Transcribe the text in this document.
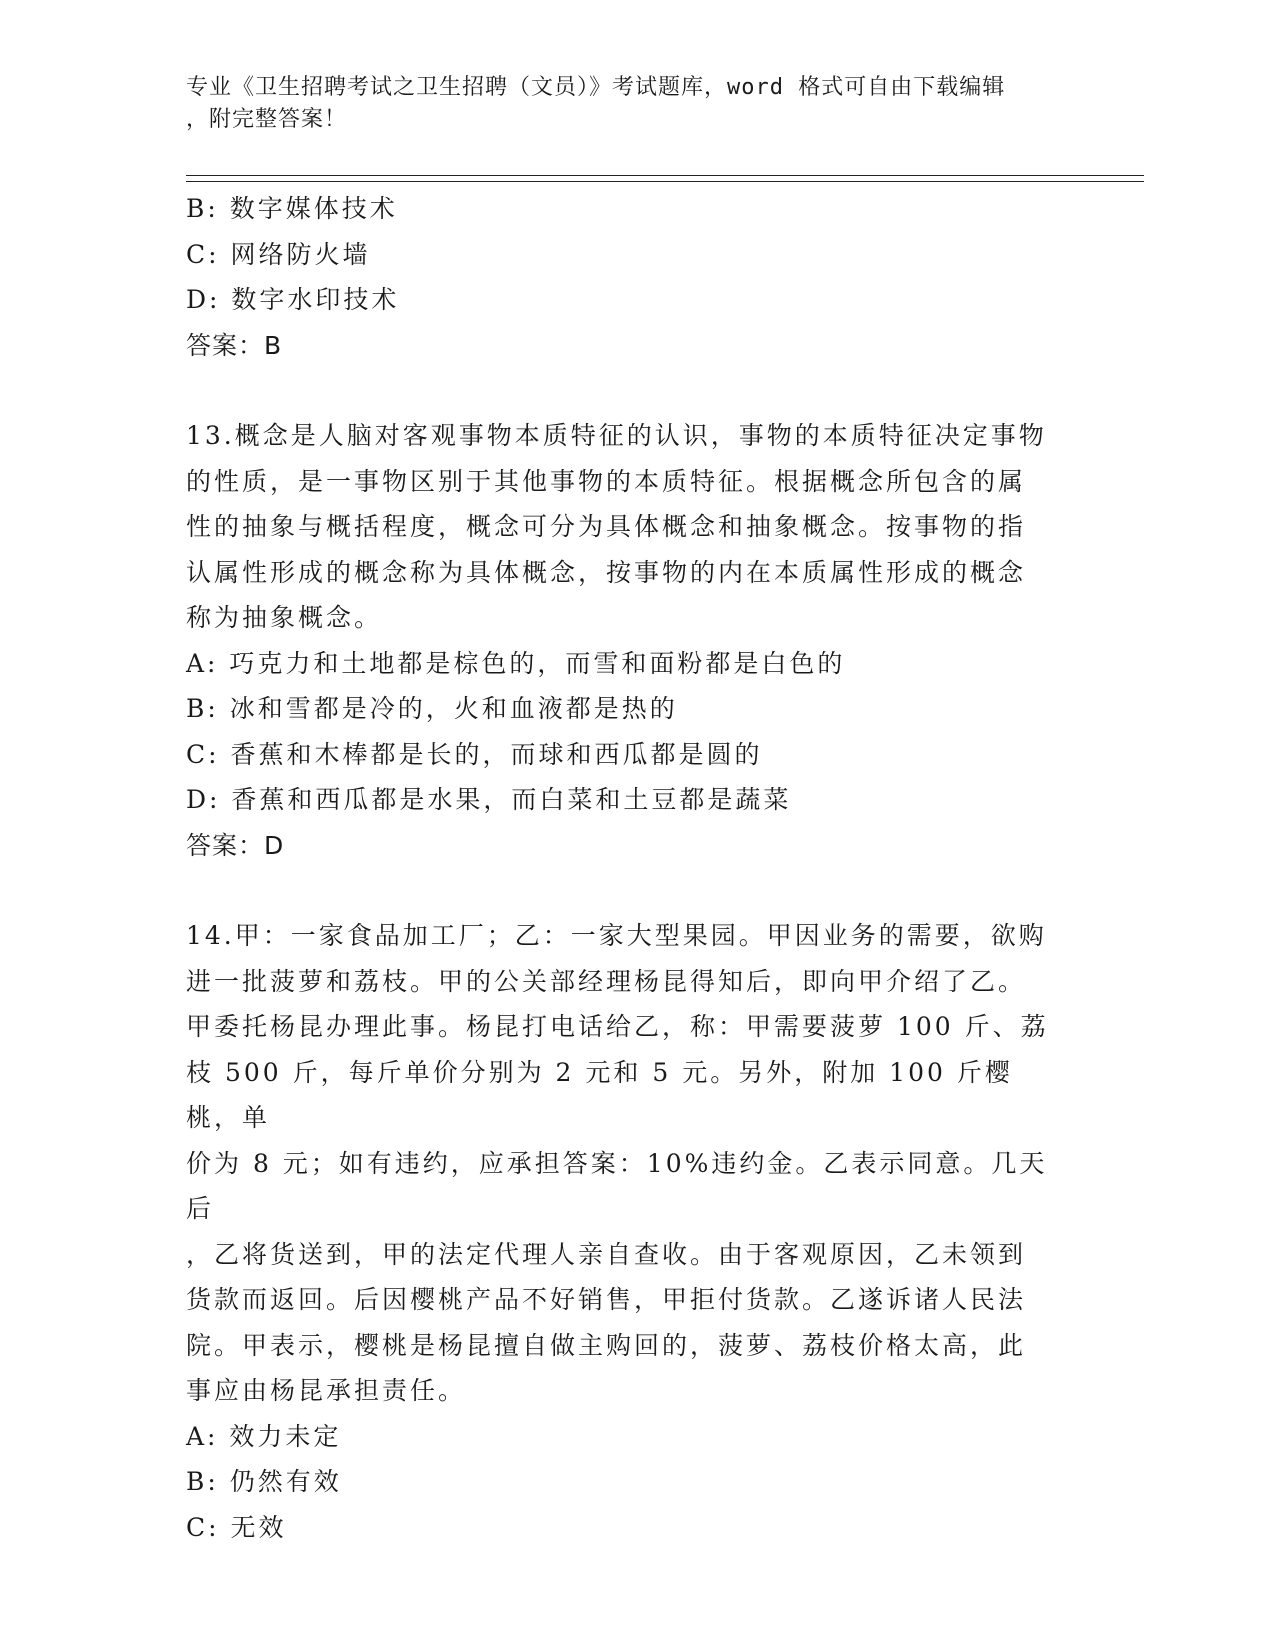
专业《卫生招聘考试之卫生招聘（文员）》考试题库，word 格式可自由下载编辑
，附完整答案！
B: 数字媒体技术
C: 网络防火墙
D: 数字水印技术
答案：B
13.概念是人脑对客观事物本质特征的认识，事物的本质特征决定事物
的性质，是一事物区别于其他事物的本质特征。根据概念所包含的属
性的抽象与概括程度，概念可分为具体概念和抽象概念。按事物的指
认属性形成的概念称为具体概念，按事物的内在本质属性形成的概念
称为抽象概念。
A: 巧克力和土地都是棕色的，而雪和面粉都是白色的
B: 冰和雪都是冷的，火和血液都是热的
C: 香蕉和木棒都是长的，而球和西瓜都是圆的
D: 香蕉和西瓜都是水果，而白菜和土豆都是蔬菜
答案：D
14.甲：一家食品加工厂；乙：一家大型果园。甲因业务的需要，欲购
进一批菠萝和荔枝。甲的公关部经理杨昆得知后，即向甲介绍了乙。
甲委托杨昆办理此事。杨昆打电话给乙，称：甲需要菠萝 100 斤、荔
枝 500 斤，每斤单价分别为 2 元和 5 元。另外，附加 100 斤樱桃，单
价为 8 元；如有违约，应承担答案：10%违约金。乙表示同意。几天后
，乙将货送到，甲的法定代理人亲自查收。由于客观原因，乙未领到
货款而返回。后因樱桃产品不好销售，甲拒付货款。乙遂诉诸人民法
院。甲表示，樱桃是杨昆擅自做主购回的，菠萝、荔枝价格太高，此
事应由杨昆承担责任。
A: 效力未定
B: 仍然有效
C: 无效
